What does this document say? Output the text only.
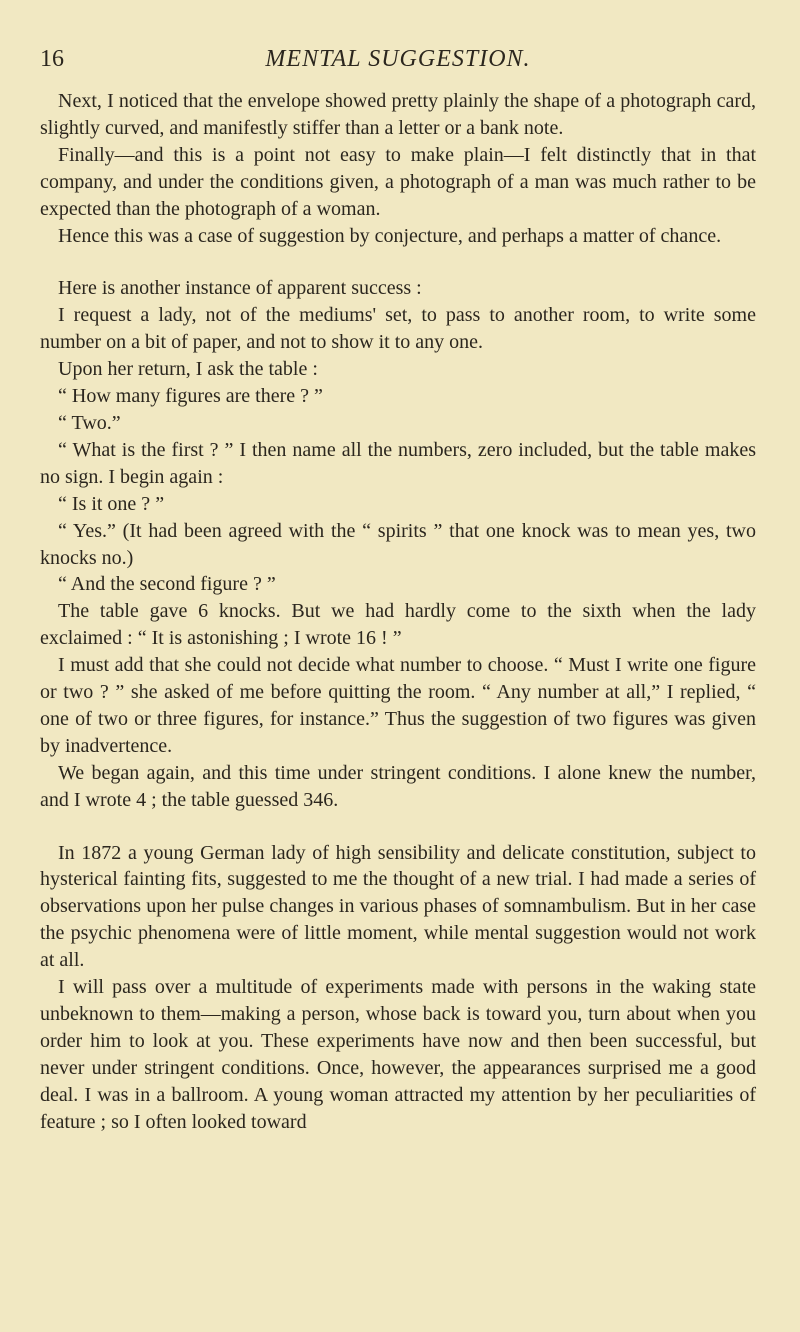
16	MENTAL SUGGESTION.

Next, I noticed that the envelope showed pretty plainly the shape of a photograph card, slightly curved, and manifestly stiffer than a letter or a bank note.

Finally—and this is a point not easy to make plain—I felt distinctly that in that company, and under the conditions given, a photograph of a man was much rather to be expected than the photograph of a woman.

Hence this was a case of suggestion by conjecture, and perhaps a matter of chance.

Here is another instance of apparent success :

I request a lady, not of the mediums' set, to pass to another room, to write some number on a bit of paper, and not to show it to any one.

Upon her return, I ask the table :

“ How many figures are there ? ”

“ Two.”

“ What is the first ? ” I then name all the numbers, zero included, but the table makes no sign. I begin again :

“ Is it one ? ”

“ Yes.” (It had been agreed with the “ spirits ” that one knock was to mean yes, two knocks no.)

“ And the second figure ? ”

The table gave 6 knocks. But we had hardly come to the sixth when the lady exclaimed : “ It is astonishing ; I wrote 16 ! ”

I must add that she could not decide what number to choose. “ Must I write one figure or two ? ” she asked of me before quitting the room. “ Any number at all,” I replied, “ one of two or three figures, for instance.” Thus the suggestion of two figures was given by inadvertence.

We began again, and this time under stringent conditions. I alone knew the number, and I wrote 4 ; the table guessed 346.

In 1872 a young German lady of high sensibility and delicate constitution, subject to hysterical fainting fits, suggested to me the thought of a new trial. I had made a series of observations upon her pulse changes in various phases of somnambulism. But in her case the psychic phenomena were of little moment, while mental suggestion would not work at all.

I will pass over a multitude of experiments made with persons in the waking state unbeknown to them—making a person, whose back is toward you, turn about when you order him to look at you. These experiments have now and then been successful, but never under stringent conditions. Once, however, the appearances surprised me a good deal. I was in a ballroom. A young woman attracted my attention by her peculiarities of feature ; so I often looked toward
